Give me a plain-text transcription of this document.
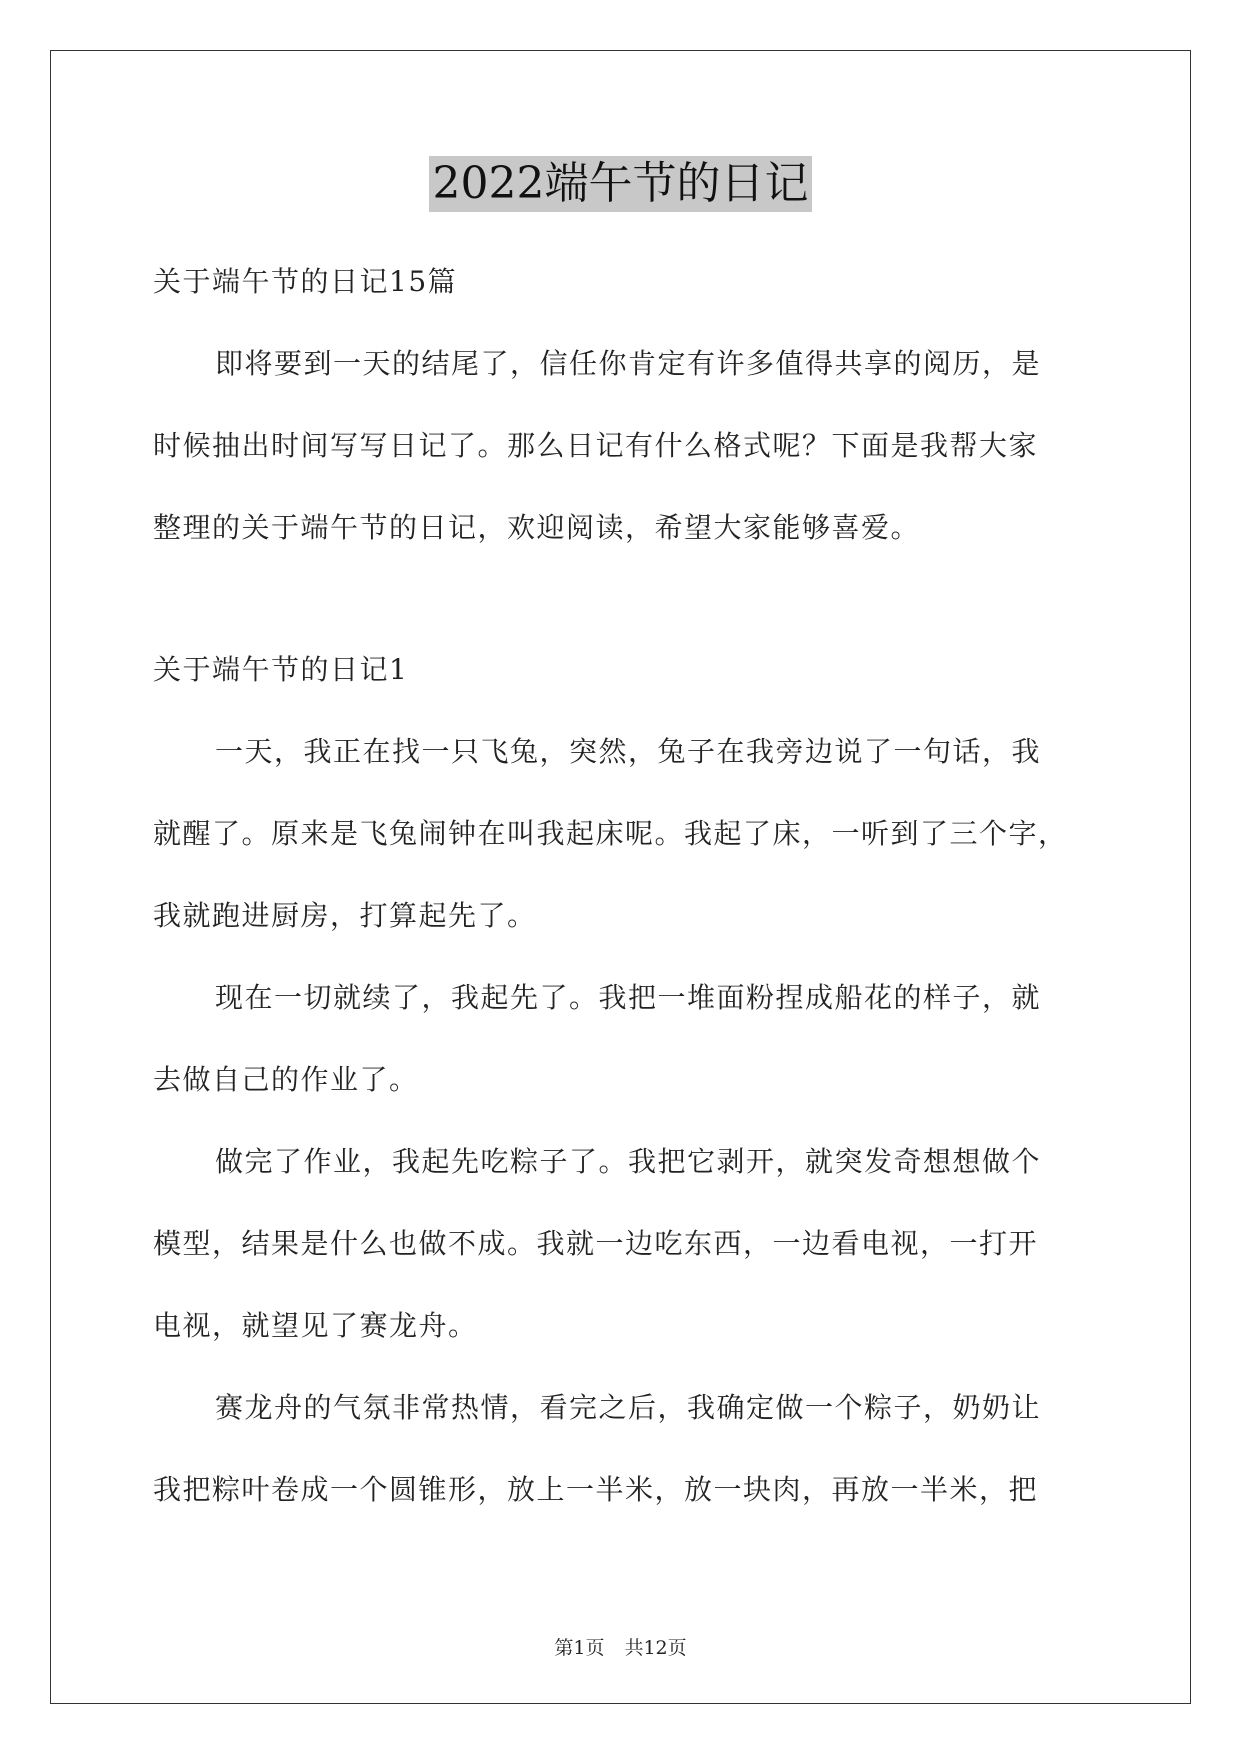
2022端午节的日记
关于端午节的日记15篇
即将要到一天的结尾了，信任你肯定有许多值得共享的阅历，是
时候抽出时间写写日记了。那么日记有什么格式呢？下面是我帮大家
整理的关于端午节的日记，欢迎阅读，希望大家能够喜爱。
关于端午节的日记1
一天，我正在找一只飞兔，突然，兔子在我旁边说了一句话，我
就醒了。原来是飞兔闹钟在叫我起床呢。我起了床，一听到了三个字，
我就跑进厨房，打算起先了。
现在一切就续了，我起先了。我把一堆面粉捏成船花的样子，就
去做自己的作业了。
做完了作业，我起先吃粽子了。我把它剥开，就突发奇想想做个
模型，结果是什么也做不成。我就一边吃东西，一边看电视，一打开
电视，就望见了赛龙舟。
赛龙舟的气氛非常热情，看完之后，我确定做一个粽子，奶奶让
我把粽叶卷成一个圆锥形，放上一半米，放一块肉，再放一半米，把
第1页 共12页
